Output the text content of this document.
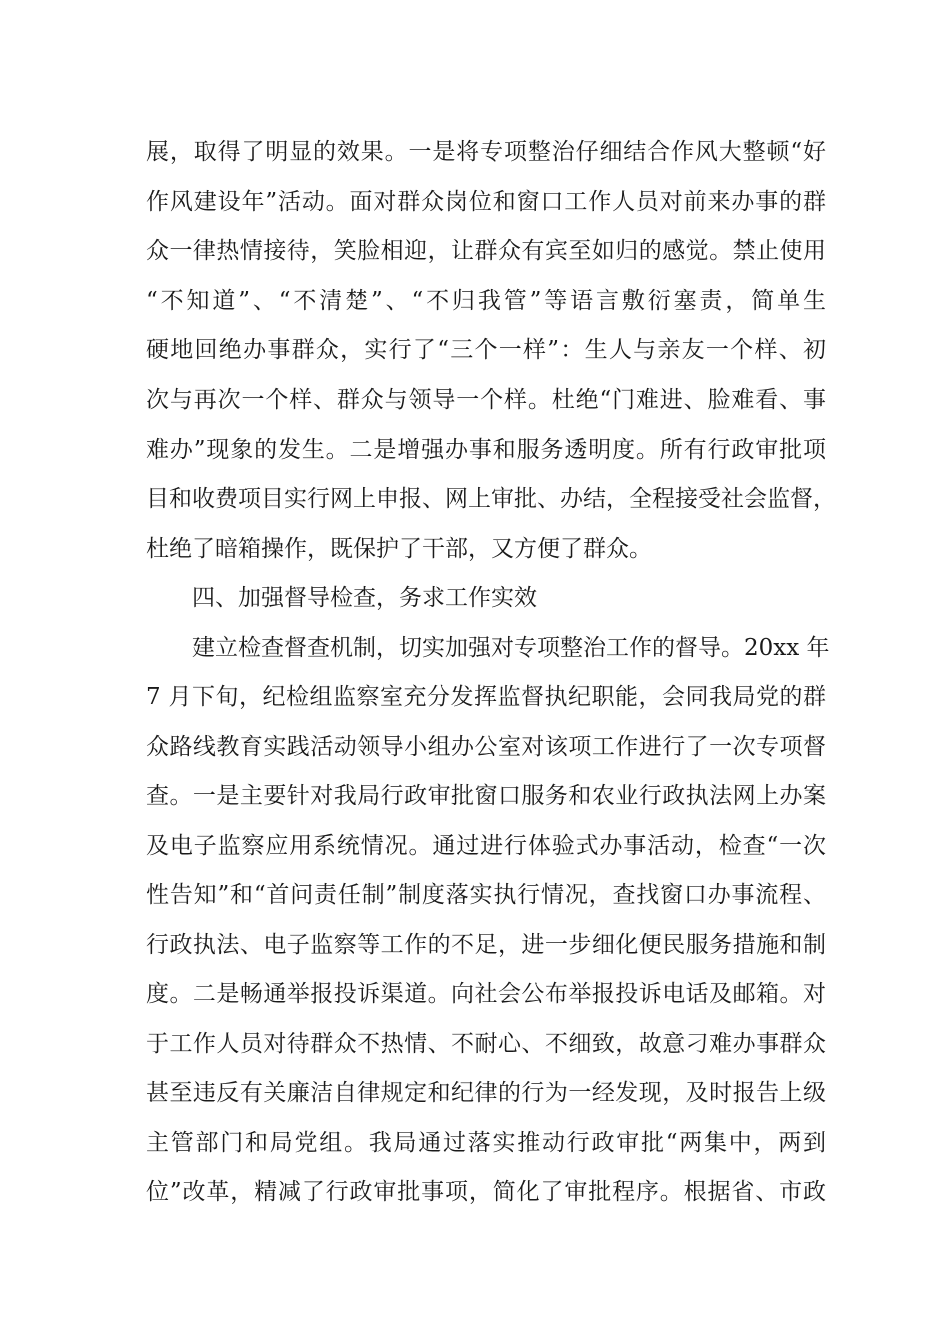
展，取得了明显的效果。一是将专项整治仔细结合作风大整顿“好
作风建设年”活动。面对群众岗位和窗口工作人员对前来办事的群
众一律热情接待，笑脸相迎，让群众有宾至如归的感觉。禁止使用
“不知道”、“不清楚”、“不归我管”等语言敷衍塞责，简单生
硬地回绝办事群众，实行了“三个一样”：生人与亲友一个样、初
次与再次一个样、群众与领导一个样。杜绝“门难进、脸难看、事
难办”现象的发生。二是增强办事和服务透明度。所有行政审批项
目和收费项目实行网上申报、网上审批、办结，全程接受社会监督，
杜绝了暗箱操作，既保护了干部，又方便了群众。
四、加强督导检查，务求工作实效
建立检查督查机制，切实加强对专项整治工作的督导。20xx 年
7 月下旬，纪检组监察室充分发挥监督执纪职能，会同我局党的群
众路线教育实践活动领导小组办公室对该项工作进行了一次专项督
查。一是主要针对我局行政审批窗口服务和农业行政执法网上办案
及电子监察应用系统情况。通过进行体验式办事活动，检查“一次
性告知”和“首问责任制”制度落实执行情况，查找窗口办事流程、
行政执法、电子监察等工作的不足，进一步细化便民服务措施和制
度。二是畅通举报投诉渠道。向社会公布举报投诉电话及邮箱。对
于工作人员对待群众不热情、不耐心、不细致，故意刁难办事群众
甚至违反有关廉洁自律规定和纪律的行为一经发现，及时报告上级
主管部门和局党组。我局通过落实推动行政审批“两集中，两到
位”改革，精减了行政审批事项，简化了审批程序。根据省、市政
